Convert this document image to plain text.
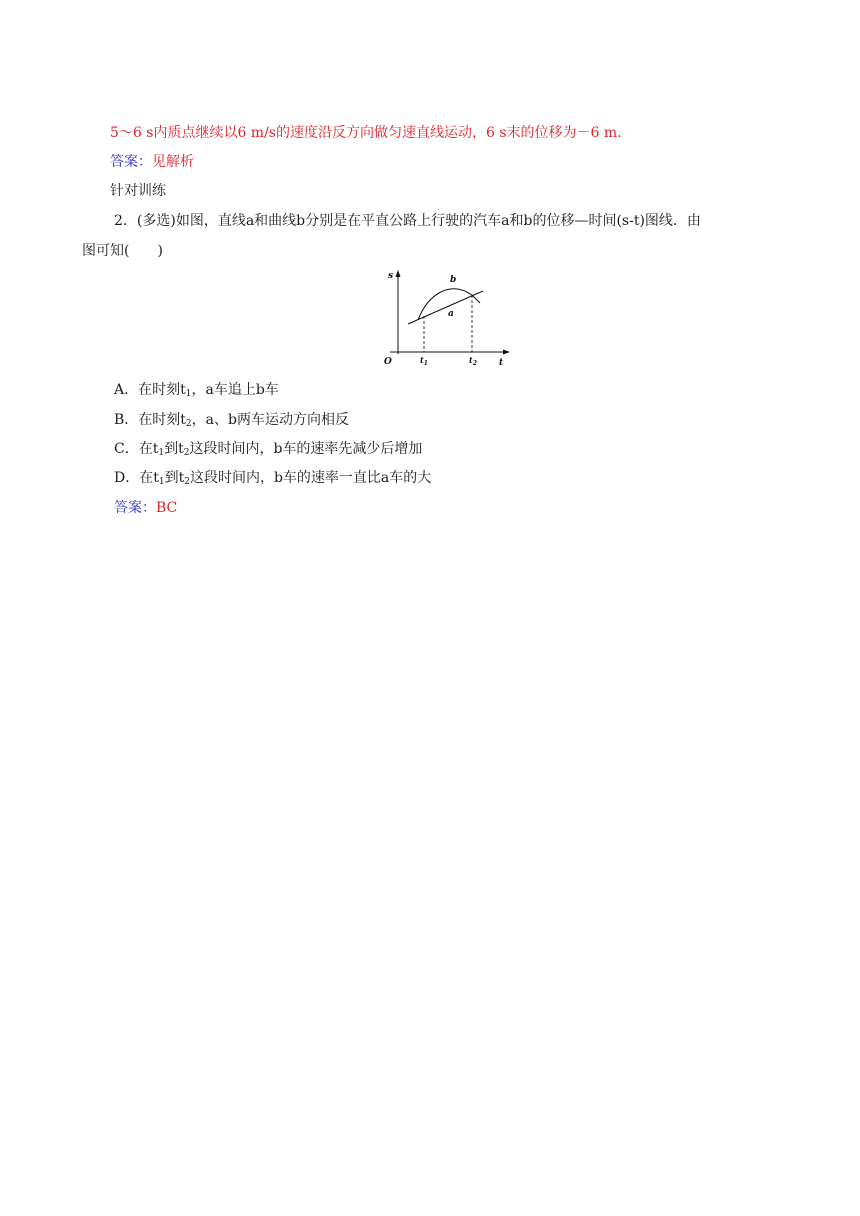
5～6 s内质点继续以6 m/s的速度沿反方向做匀速直线运动，6 s末的位移为－6 m.
答案：见解析
针对训练
2．(多选)如图，直线a和曲线b分别是在平直公路上行驶的汽车a和b的位移—时间(s-t)图线．由
图可知(　　)
s
t
O
b
a
$t_1$	$t_2$
A．在时刻$t_1$，a车追上b车
B．在时刻$t_2$，a、b两车运动方向相反
C．在$t_1$到$t_2$这段时间内，b车的速率先减少后增加
D．在$t_1$到$t_2$这段时间内，b车的速率一直比a车的大
答案：BC
